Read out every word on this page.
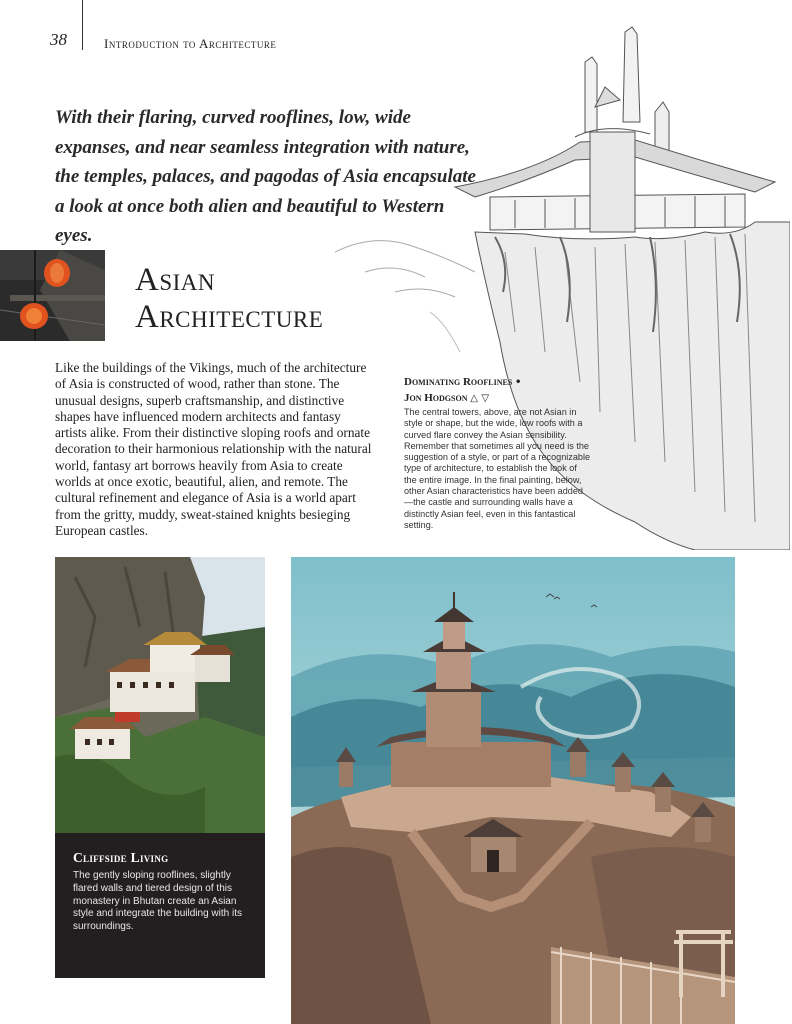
38	Introduction to Architecture
With their flaring, curved rooflines, low, wide expanses, and near seamless integration with nature, the temples, palaces, and pagodas of Asia encapsulate a look at once both alien and beautiful to Western eyes.
Asian
Architecture
Like the buildings of the Vikings, much of the architecture of Asia is constructed of wood, rather than stone. The unusual designs, superb craftsmanship, and distinctive shapes have influenced modern architects and fantasy artists alike. From their distinctive sloping roofs and ornate decoration to their harmonious relationship with the natural world, fantasy art borrows heavily from Asia to create worlds at once exotic, beautiful, alien, and remote. The cultural refinement and elegance of Asia is a world apart from the gritty, muddy, sweat-stained knights besieging European castles.
Dominating Rooflines •
Jon Hodgson △ ▽
The central towers, above, are not Asian in style or shape, but the wide, low roofs with a curved flare convey the Asian sensibility. Remember that sometimes all you need is the suggestion of a style, or part of a recognizable type of architecture, to establish the look of the entire image. In the final painting, below, other Asian characteristics have been added—the castle and surrounding walls have a distinctly Asian feel, even in this fantastical setting.
Cliffside Living
The gently sloping rooflines, slightly flared walls and tiered design of this monastery in Bhutan create an Asian style and integrate the building with its surroundings.
